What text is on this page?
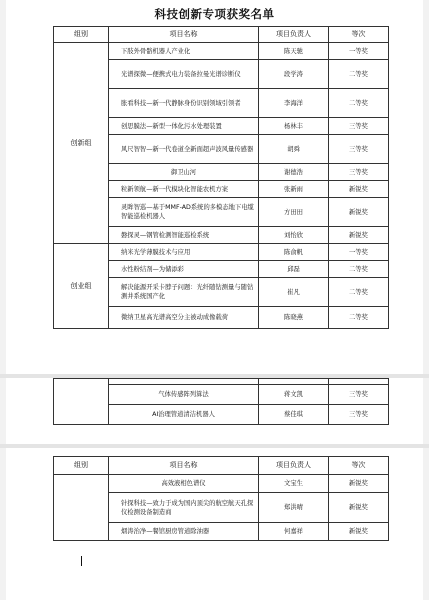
科技创新专项获奖名单
组别	项目名称	项目负责人	等次
创新组	下肢外骨骼机器人产业化	陈天驰	一等奖
	光谱探微—便携式电力装备拉曼光谱诊断仪	段学涛	二等奖
	胀看科技—新一代静脉身份识别领域引领者	李海洋	二等奖
	创思膜法—新型一体化污水处理装置	杨林丰	三等奖
	风尺智智—新一代卷道全新面超声波风量传感器	胡舜	三等奖
	御卫山河	谢德浩	三等奖
	粒新领航—新一代模块化智能农机方案	张新雨	新锐奖
	灵眸智巡—基于MMF-AD系统的多模态地下电缆智能巡检机器人	方田田	新锐奖
	磐探灵—钢管检测智能巡检系统	刘怡欣	新锐奖
创业组	纳米光学薄膜技术与应用	陈俞帆	一等奖
	水性粉结剂—为储添彩	邱磊	二等奖
	解决能源开采卡脖子问题：光纤随钻测量与随钻测井系统国产化	崔凡	二等奖
	微纳卫星高光谱高空分主被动成像载荷	陈晓燕	二等奖

	气体传感阵列算法	蒋文凯	三等奖
	AI治理管道清洁机器人	蔡佳琪	三等奖
组别	项目名称	项目负责人	等次
	高效液相色谱仪	文宝生	新锐奖
	针探科技—致力于成为国内顶尖的航空航天孔探仪检测设备制造商	郑洪晴	新锐奖
	烟涛治净—餐馆厨房管道除油器	何嘉祥	新锐奖
